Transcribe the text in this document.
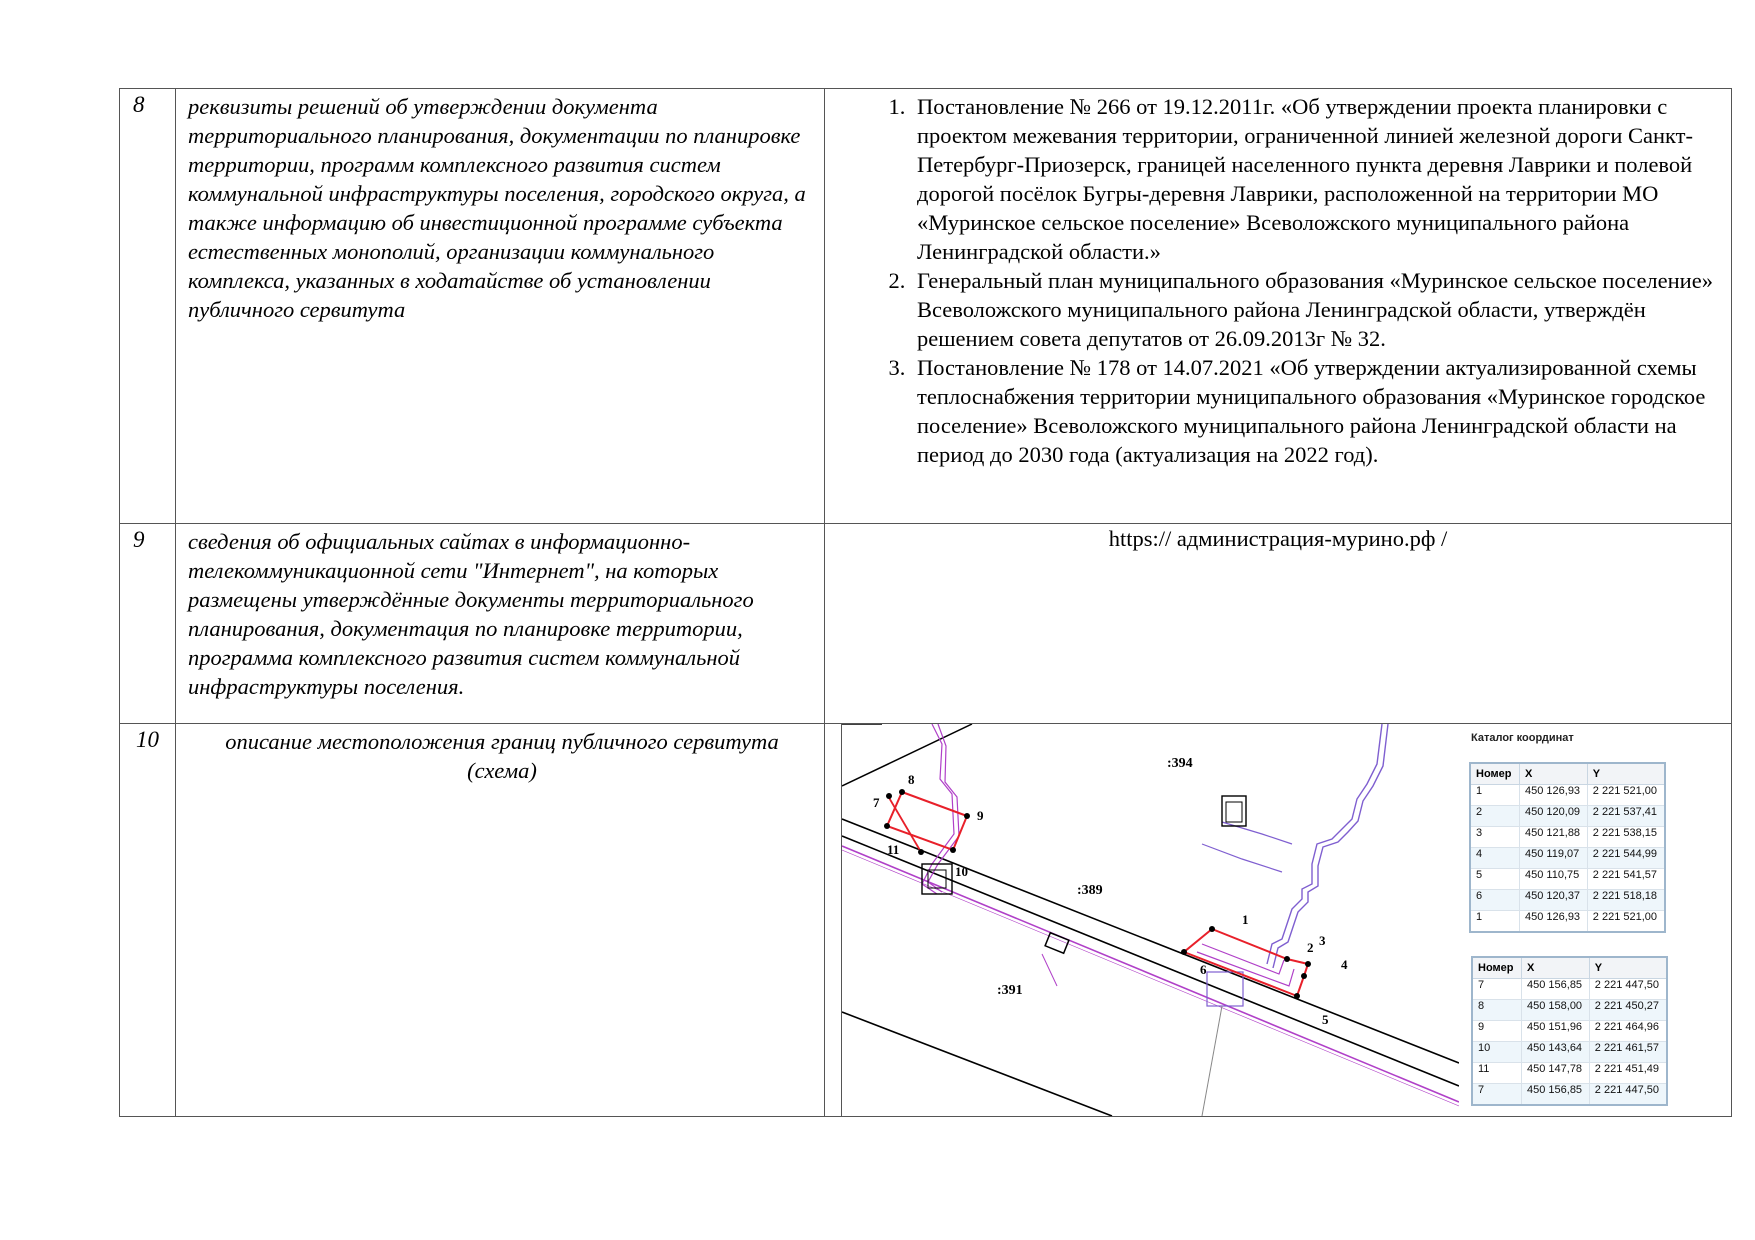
8	реквизиты решений об утверждении документа территориального планирования, документации по планировке территории, программ комплексного развития систем коммунальной инфраструктуры поселения, городского округа, а также информацию об инвестиционной программе субъекта естественных монополий, организации коммунального комплекса, указанных в ходатайстве об установлении публичного сервитута	
1. Постановление № 266 от 19.12.2011г. «Об утверждении проекта планировки с проектом межевания территории, ограниченной линией железной дороги Санкт-Петербург-Приозерск, границей населенного пункта деревня Лаврики и полевой дорогой посёлок Бугры-деревня Лаврики, расположенной на территории МО «Муринское сельское поселение» Всеволожского муниципального района Ленинградской области.»
2. Генеральный план муниципального образования «Муринское сельское поселение» Всеволожского муниципального района Ленинградской области, утверждён решением совета депутатов от 26.09.2013г № 32.
3. Постановление № 178 от 14.07.2021 «Об утверждении актуализированной схемы теплоснабжения территории муниципального образования «Муринское городское поселение» Всеволожского муниципального района Ленинградской области на период до 2030 года (актуализация на 2022 год).

9	сведения об официальных сайтах в информационно-телекоммуникационной сети "Интернет", на которых размещены утверждённые документы территориального планирования, документация по планировке территории, программа комплексного развития систем коммунальной инфраструктуры поселения.	https:// администрация-мурино.рф /
10	описание местоположения границ публичного сервитута (схема)	:394
:389
:391
1
2 3
4
5
6
7
8
9
10
11
Каталог координат
Номер	X	Y
1	450 126,93	2 221 521,00
2	450 120,09	2 221 537,41
3	450 121,88	2 221 538,15
4	450 119,07	2 221 544,99
5	450 110,75	2 221 541,57
6	450 120,37	2 221 518,18
1	450 126,93	2 221 521,00
Номер	X	Y
7	450 156,85	2 221 447,50
8	450 158,00	2 221 450,27
9	450 151,96	2 221 464,96
10	450 143,64	2 221 461,57
11	450 147,78	2 221 451,49
7	450 156,85	2 221 447,50
